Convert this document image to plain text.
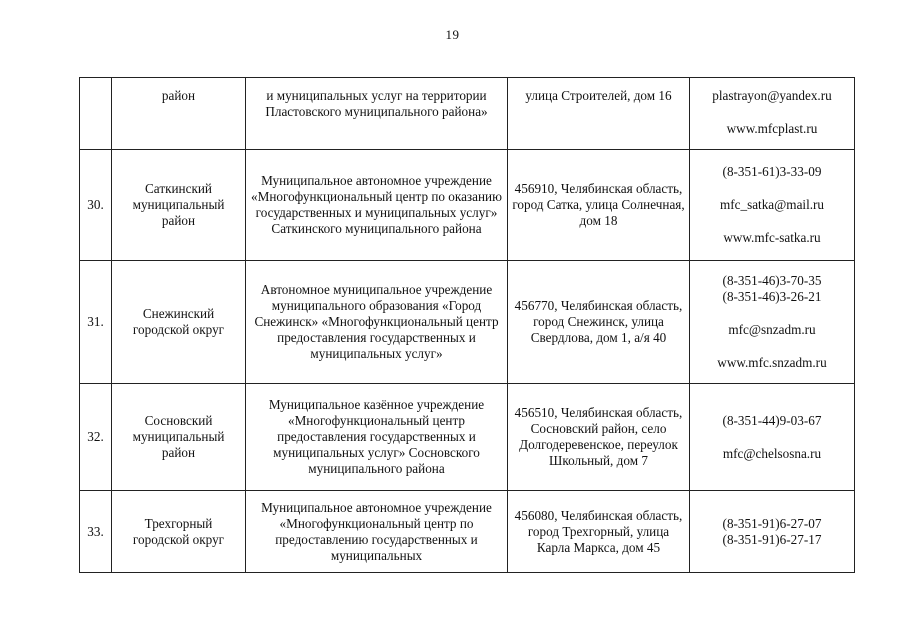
19
	район	и муниципальных услуг на территории Пластовского муниципального района»	улица Строителей, дом 16	plastrayon@yandex.ru
www.mfcplast.ru

30.	Саткинский муниципальный район	Муниципальное автономное учреждение «Многофункциональный центр по оказанию государственных и муниципальных услуг» Саткинского муниципального района	456910, Челябинская область, город Сатка, улица Солнечная, дом 18	(8-351-61)3-33-09
mfc_satka@mail.ru
www.mfc-satka.ru

31.	Снежинский городской округ	Автономное муниципальное учреждение муниципального образования «Город Снежинск» «Многофункциональный центр предоставления государственных и муниципальных услуг»	456770, Челябинская область, город Снежинск, улица Свердлова, дом 1, а/я 40	(8-351-46)3-70-35
(8-351-46)3-26-21
mfc@snzadm.ru
www.mfc.snzadm.ru

32.	Сосновский муниципальный район	Муниципальное казённое учреждение «Многофункциональный центр предоставления государственных и муниципальных услуг» Сосновского муниципального района	456510, Челябинская область, Сосновский район, село Долгодеревенское, переулок Школьный, дом 7	(8-351-44)9-03-67
mfc@chelsosna.ru

33.	Трехгорный городской округ	Муниципальное автономное учреждение «Многофункциональный центр по предоставлению государственных и муниципальных	456080, Челябинская область, город Трехгорный, улица Карла Маркса, дом 45	(8-351-91)6-27-07
(8-351-91)6-27-17
